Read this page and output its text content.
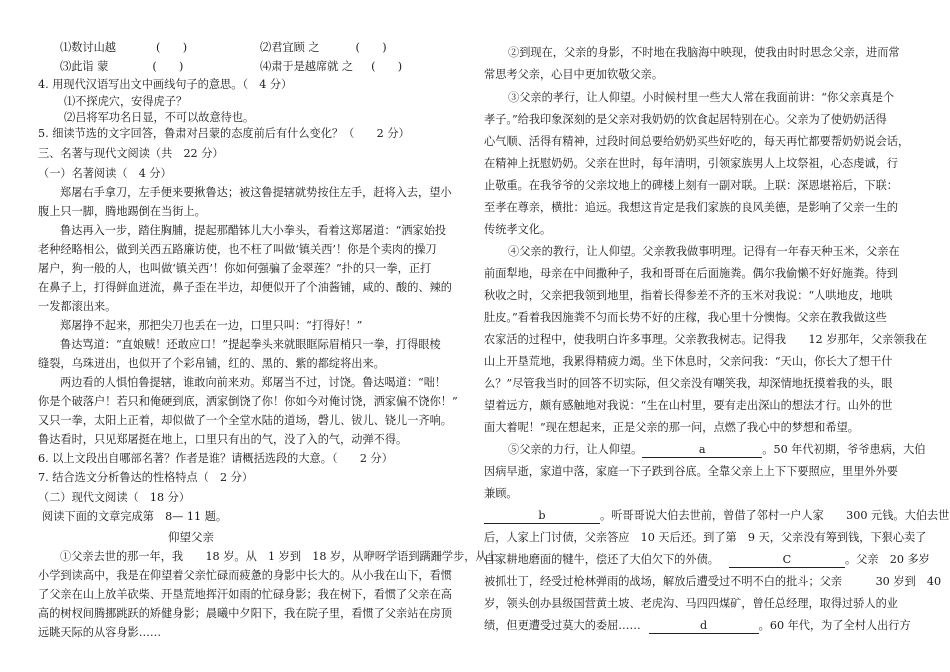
⑴数讨山越	(　　)	⑵君宜顾 之	(　　)
⑶此诣 蒙	(　　)	⑷肃于是越席就 之 (　　)
4. 用现代汉语写出文中画线句子的意思。（　4 分）
⑴不探虎穴，安得虎子？
⑵吕将军功名日显，不可以故意待也。
5. 细读节选的文字回答，鲁肃对吕蒙的态度前后有什么变化？（　　2 分）
三、名著与现代文阅读（共　22 分）
（一）名著阅读（　4 分）
郑屠右手拿刀，左手便来要揪鲁达；被这鲁提辖就势按住左手，赶将入去，望小
腹上只一脚，腾地踢倒在当街上。
鲁达再入一步，踏住胸脯，提起那醋钵儿大小拳头，看着这郑屠道：“洒家始投
老种经略相公，做到关西五路廉访使，也不枉了叫做‘镇关西’！你是个卖肉的操刀
屠户，狗一般的人，也叫做‘镇关西’！你如何强骗了金翠莲？”扑的只一拳，正打
在鼻子上，打得鲜血迸流，鼻子歪在半边，却便似开了个油酱铺，咸的、酸的、辣的
一发都滚出来。
郑屠挣不起来，那把尖刀也丢在一边，口里只叫：“打得好！”
鲁达骂道：“直娘贼！还敢应口！”提起拳头来就眼眶际眉梢只一拳，打得眼棱
缝裂，乌珠迸出，也似开了个彩帛铺，红的、黑的、紫的都绽将出来。
两边看的人惧怕鲁提辖，谁敢向前来劝。郑屠当不过，讨饶。鲁达喝道：“咄！
你是个破落户！若只和俺硬到底，洒家倒饶了你！你如今对俺讨饶，洒家偏不饶你！”
又只一拳，太阳上正着，却似做了一个全堂水陆的道场，磬儿、钹儿、铙儿一齐响。
鲁达看时，只见郑屠挺在地上，口里只有出的气，没了入的气，动弹不得。
6. 以上文段出自哪部名著？作者是谁？请概括选段的大意。（　　2 分）
7. 结合选文分析鲁达的性格特点（　2 分）
（二）现代文阅读（　18 分）
阅读下面的文章完成第　8— 11 题。
仰望父亲
①父亲去世的那一年，我　　18 岁。从　1 岁到　18 岁，从咿呀学语到蹒跚学步，从上
小学到读高中，我是在仰望着父亲忙碌而疲惫的身影中长大的。从小我在山下，看惯
了父亲在山上放羊砍柴、开垦荒地挥汗如雨的忙碌身影；我在树下，看惯了父亲在高
高的树杈间腾挪跳跃的矫健身影；晨曦中夕阳下，我在院子里，看惯了父亲站在房顶
远眺天际的从容身影……
②到现在，父亲的身影，不时地在我脑海中映现，使我由时时思念父亲，进而常
常思考父亲，心目中更加钦敬父亲。
③父亲的孝行，让人仰望。小时候村里一些大人常在我面前讲：“你父亲真是个
孝子。”给我印象深刻的是父亲对我奶奶的饮食起居特别在心。父亲为了使奶奶活得
心气顺、活得有精神，过段时间总要给奶奶买些好吃的，每天再忙都要帮奶奶说会话，
在精神上抚慰奶奶。父亲在世时，每年清明，引领家族男人上坟祭祖，心态虔诚，行
止敬重。在我爷爷的父亲坟地上的碑楼上刻有一副对联。上联：深恩堪裕后，下联：
至孝在尊亲，横批：追远。我想这肯定是我们家族的良风美德，是影响了父亲一生的
传统孝文化。
④父亲的教行，让人仰望。父亲教我做事明理。记得有一年春天种玉米，父亲在
前面犁地，母亲在中间撒种子，我和哥哥在后面施粪。偶尔我偷懒不好好施粪。待到
秋收之时，父亲把我领到地里，指着长得参差不齐的玉米对我说：“人哄地皮，地哄
肚皮。”看着我因施粪不匀而长势不好的庄稼，我心里十分懊悔。父亲在教我做这些
农家活的过程中，使我明白许多事理。父亲教我树志。记得我　　12 岁那年，父亲领我在
山上开垦荒地，我累得精疲力竭。坐下休息时，父亲问我：“天山，你长大了想干什
么？”尽管我当时的回答不切实际，但父亲没有嘲笑我，却深情地抚摸着我的头，眼
望着远方，颇有感触地对我说：“生在山村里，要有走出深山的想法才行。山外的世
面大着呢！”现在想起来，正是父亲的那一问，点燃了我心中的梦想和希望。
⑤父亲的力行，让人仰望。	a	。50 年代初期，爷爷患病，大伯
因病早逝，家道中落，家庭一下子跌到谷底。全靠父亲上上下下要照应，里里外外要
兼顾。
b	。听哥哥说大伯去世前，曾借了邻村一户人家　　300 元钱。大伯去世
后，人家上门讨债，父亲答应　10 天后还。到了第　9 天，父亲没有筹到钱，下狠心卖了
自家耕地磨面的犍牛，偿还了大伯欠下的外债。	C	。父亲　20 多岁
被抓壮丁，经受过枪林弹雨的战场，解放后遭受过不明不白的批斗；父亲　　　30 岁到　40
岁，领头创办县级国营黄土坡、老虎沟、马四四煤矿，曾任总经理，取得过骄人的业
绩，但更遭受过莫大的委屈……	d	。60 年代，为了全村人出行方
